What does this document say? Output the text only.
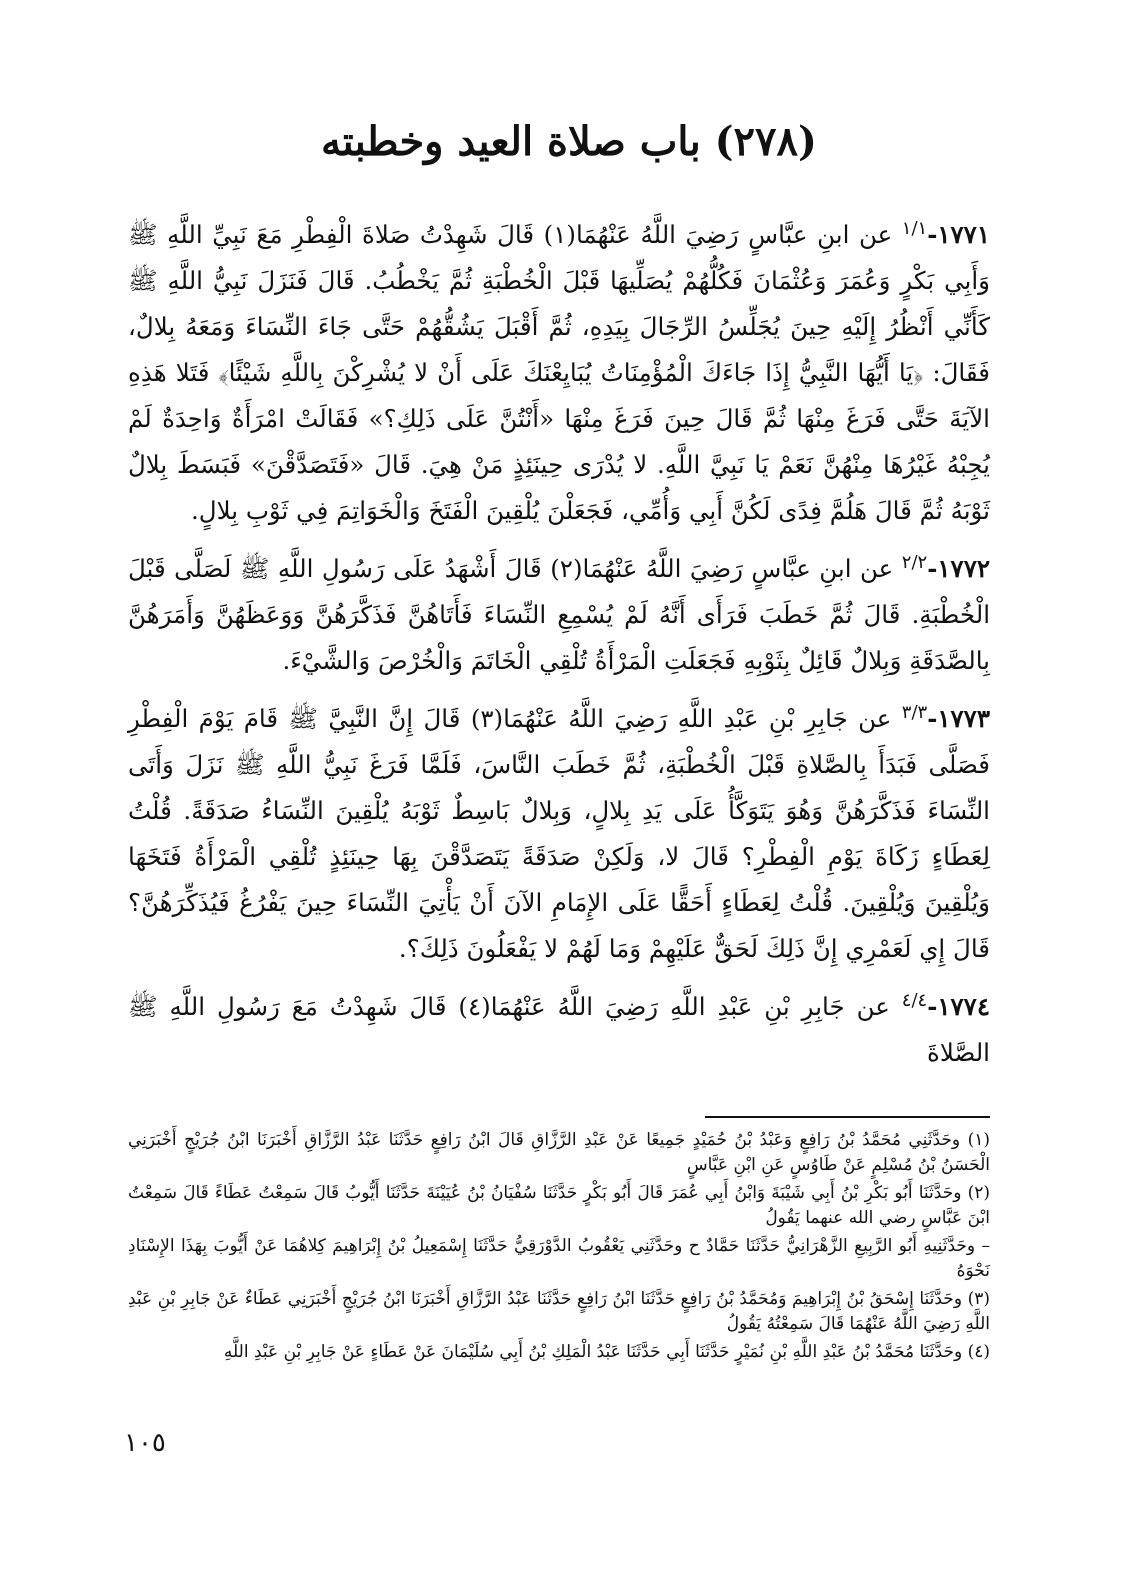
(٢٧٨) باب صلاة العيد وخطبته

١٧٧١-$^{١/١}$ عن ابنِ عبَّاسٍ رَضِيَ اللَّهُ عَنْهُمَا(١) قَالَ شَهِدْتُ صَلاةَ الْفِطْرِ مَعَ نَبِيِّ اللَّهِ ﷺ وَأَبِي بَكْرٍ وَعُمَرَ وَعُثْمَانَ فَكُلُّهُمْ يُصَلِّيهَا قَبْلَ الْخُطْبَةِ ثُمَّ يَخْطُبُ. قَالَ فَنَزَلَ نَبِيُّ اللَّهِ ﷺ كَأَنِّي أَنْظُرُ إِلَيْهِ حِينَ يُجَلِّسُ الرِّجَالَ بِيَدِهِ، ثُمَّ أَقْبَلَ يَشُقُّهُمْ حَتَّى جَاءَ النِّسَاءَ وَمَعَهُ بِلالٌ، فَقَالَ: ﴿يَا أَيُّهَا النَّبِيُّ إِذَا جَاءَكَ الْمُؤْمِنَاتُ يُبَايِعْنَكَ عَلَى أَنْ لا يُشْرِكْنَ بِاللَّهِ شَيْئًا﴾ فَتَلا هَذِهِ الآيَةَ حَتَّى فَرَغَ مِنْهَا ثُمَّ قَالَ حِينَ فَرَغَ مِنْهَا «أَنْتُنَّ عَلَى ذَلِكِ؟» فَقَالَتْ امْرَأَةٌ وَاحِدَةٌ لَمْ يُجِبْهُ غَيْرُهَا مِنْهُنَّ نَعَمْ يَا نَبِيَّ اللَّهِ. لا يُدْرَى حِينَئِذٍ مَنْ هِيَ. قَالَ «فَتَصَدَّقْنَ» فَبَسَطَ بِلالٌ ثَوْبَهُ ثُمَّ قَالَ هَلُمَّ فِدًى لَكُنَّ أَبِي وَأُمِّي، فَجَعَلْنَ يُلْقِينَ الْفَتَخَ وَالْخَوَاتِمَ فِي ثَوْبِ بِلالٍ.

١٧٧٢-$^{٢/٢}$ عن ابنِ عبَّاسٍ رَضِيَ اللَّهُ عَنْهُمَا(٢) قَالَ أَشْهَدُ عَلَى رَسُولِ اللَّهِ ﷺ لَصَلَّى قَبْلَ الْخُطْبَةِ. قَالَ ثُمَّ خَطَبَ فَرَأَى أَنَّهُ لَمْ يُسْمِعِ النِّسَاءَ فَأَتَاهُنَّ فَذَكَّرَهُنَّ وَوَعَظَهُنَّ وَأَمَرَهُنَّ بِالصَّدَقَةِ وَبِلالٌ قَائِلٌ بِثَوْبِهِ فَجَعَلَتِ الْمَرْأَةُ تُلْقِي الْخَاتَمَ وَالْخُرْصَ وَالشَّيْءَ.

١٧٧٣-$^{٣/٣}$ عن جَابِرِ بْنِ عَبْدِ اللَّهِ رَضِيَ اللَّهُ عَنْهُمَا(٣) قَالَ إِنَّ النَّبِيَّ ﷺ قَامَ يَوْمَ الْفِطْرِ فَصَلَّى فَبَدَأَ بِالصَّلاةِ قَبْلَ الْخُطْبَةِ، ثُمَّ خَطَبَ النَّاسَ، فَلَمَّا فَرَغَ نَبِيُّ اللَّهِ ﷺ نَزَلَ وَأَتَى النِّسَاءَ فَذَكَّرَهُنَّ وَهُوَ يَتَوَكَّأُ عَلَى يَدِ بِلالٍ، وَبِلالٌ بَاسِطٌ ثَوْبَهُ يُلْقِينَ النِّسَاءُ صَدَقَةً. قُلْتُ لِعَطَاءٍ زَكَاةَ يَوْمِ الْفِطْرِ؟ قَالَ لا، وَلَكِنْ صَدَقَةً يَتَصَدَّقْنَ بِهَا حِينَئِذٍ تُلْقِي الْمَرْأَةُ فَتَخَهَا وَيُلْقِينَ وَيُلْقِينَ. قُلْتُ لِعَطَاءٍ أَحَقًّا عَلَى الإِمَامِ الآنَ أَنْ يَأْتِيَ النِّسَاءَ حِينَ يَفْرُغُ فَيُذَكِّرَهُنَّ؟ قَالَ إِي لَعَمْرِي إِنَّ ذَلِكَ لَحَقٌّ عَلَيْهِمْ وَمَا لَهُمْ لا يَفْعَلُونَ ذَلِكَ؟.

١٧٧٤-$^{٤/٤}$ عن جَابِرِ بْنِ عَبْدِ اللَّهِ رَضِيَ اللَّهُ عَنْهُمَا(٤) قَالَ شَهِدْتُ مَعَ رَسُولِ اللَّهِ ﷺ الصَّلاةَ

(١) وحَدَّثَنِي مُحَمَّدُ بْنُ رَافِعٍ وَعَبْدُ بْنُ حُمَيْدٍ جَمِيعًا عَنْ عَبْدِ الرَّزَّاقِ قَالَ ابْنُ رَافِعٍ حَدَّثَنَا عَبْدُ الرَّزَّاقِ أَخْبَرَنَا ابْنُ جُرَيْجٍ أَخْبَرَنِي الْحَسَنُ بْنُ مُسْلِمٍ عَنْ طَاوُسٍ عَنِ ابْنِ عَبَّاسٍ

(٢) وحَدَّثَنَا أَبُو بَكْرِ بْنُ أَبِي شَيْبَةَ وَابْنُ أَبِي عُمَرَ قَالَ أَبُو بَكْرٍ حَدَّثَنَا سُفْيَانُ بْنُ عُيَيْنَةَ حَدَّثَنَا أَيُّوبُ قَالَ سَمِعْتُ عَطَاءً قَالَ سَمِعْتُ ابْنَ عَبَّاسٍ رضي الله عنهما يَقُولُ

– وحَدَّثَنِيهِ أَبُو الرَّبِيعِ الزَّهْرَانِيُّ حَدَّثَنَا حَمَّادٌ ح وحَدَّثَنِي يَعْقُوبُ الدَّوْرَقِيُّ حَدَّثَنَا إِسْمَعِيلُ بْنُ إِبْرَاهِيمَ كِلاهُمَا عَنْ أَيُّوبَ بِهَذَا الإِسْنَادِ نَحْوَهُ

(٣) وحَدَّثَنَا إِسْحَقُ بْنُ إِبْرَاهِيمَ وَمُحَمَّدُ بْنُ رَافِعٍ حَدَّثَنَا ابْنُ رَافِعٍ حَدَّثَنَا عَبْدُ الرَّزَّاقِ أَخْبَرَنَا ابْنُ جُرَيْجٍ أَخْبَرَنِي عَطَاءٌ عَنْ جَابِرِ بْنِ عَبْدِ اللَّهِ رَضِيَ اللَّهُ عَنْهُمَا قَالَ سَمِعْتُهُ يَقُولُ

(٤) وحَدَّثَنَا مُحَمَّدُ بْنُ عَبْدِ اللَّهِ بْنِ نُمَيْرٍ حَدَّثَنَا أَبِي حَدَّثَنَا عَبْدُ الْمَلِكِ بْنُ أَبِي سُلَيْمَانَ عَنْ عَطَاءٍ عَنْ جَابِرِ بْنِ عَبْدِ اللَّهِ

١٠٥
